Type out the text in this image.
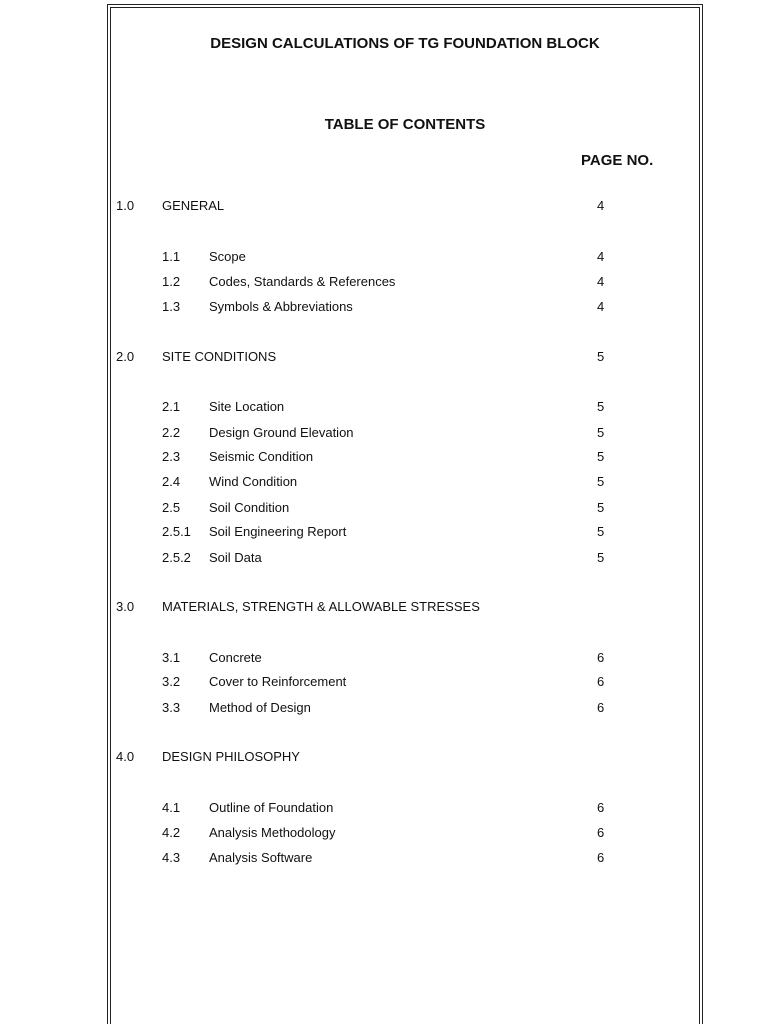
DESIGN CALCULATIONS OF TG FOUNDATION BLOCK
TABLE OF CONTENTS
PAGE NO.
1.0 GENERAL	4
1.1 Scope	4
1.2 Codes, Standards & References	4
1.3 Symbols & Abbreviations	4
2.0 SITE CONDITIONS	5
2.1 Site Location	5
2.2 Design Ground Elevation	5
2.3 Seismic Condition	5
2.4 Wind Condition	5
2.5 Soil Condition	5
2.5.1 Soil Engineering Report	5
2.5.2 Soil Data	5
3.0 MATERIALS, STRENGTH & ALLOWABLE STRESSES
3.1 Concrete	6
3.2 Cover to Reinforcement	6
3.3 Method of Design	6
4.0 DESIGN PHILOSOPHY
4.1 Outline of Foundation	6
4.2 Analysis Methodology	6
4.3 Analysis Software	6
